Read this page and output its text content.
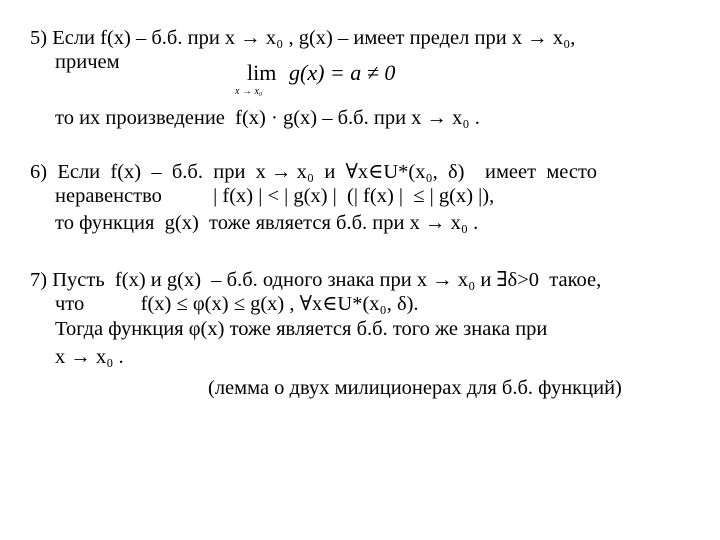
5) Если f(x) – б.б. при x → x₀ , g(x) – имеет предел при x → x₀,
причем	lim g(x) = a ≠ 0
x → x₀
то их произведение  f(x) · g(x) – б.б. при x → x₀ .
6)  Если  f(x)  –  б.б.  при  x → x₀  и  ∀x∈U*(x₀,  δ)    имеет  место
неравенство          | f(x) | < | g(x) |  (| f(x) |  ≤ | g(x) |),
то функция  g(x)  тоже является б.б. при x → x₀ .
7) Пусть  f(x) и g(x)  – б.б. одного знака при x → x₀ и ∃δ>0  такое,
что           f(x) ≤ φ(x) ≤ g(x) , ∀x∈U*(x₀, δ).
Тогда функция φ(x) тоже является б.б. того же знака при
x → x₀ .
(лемма о двух милиционерах для б.б. функций)
